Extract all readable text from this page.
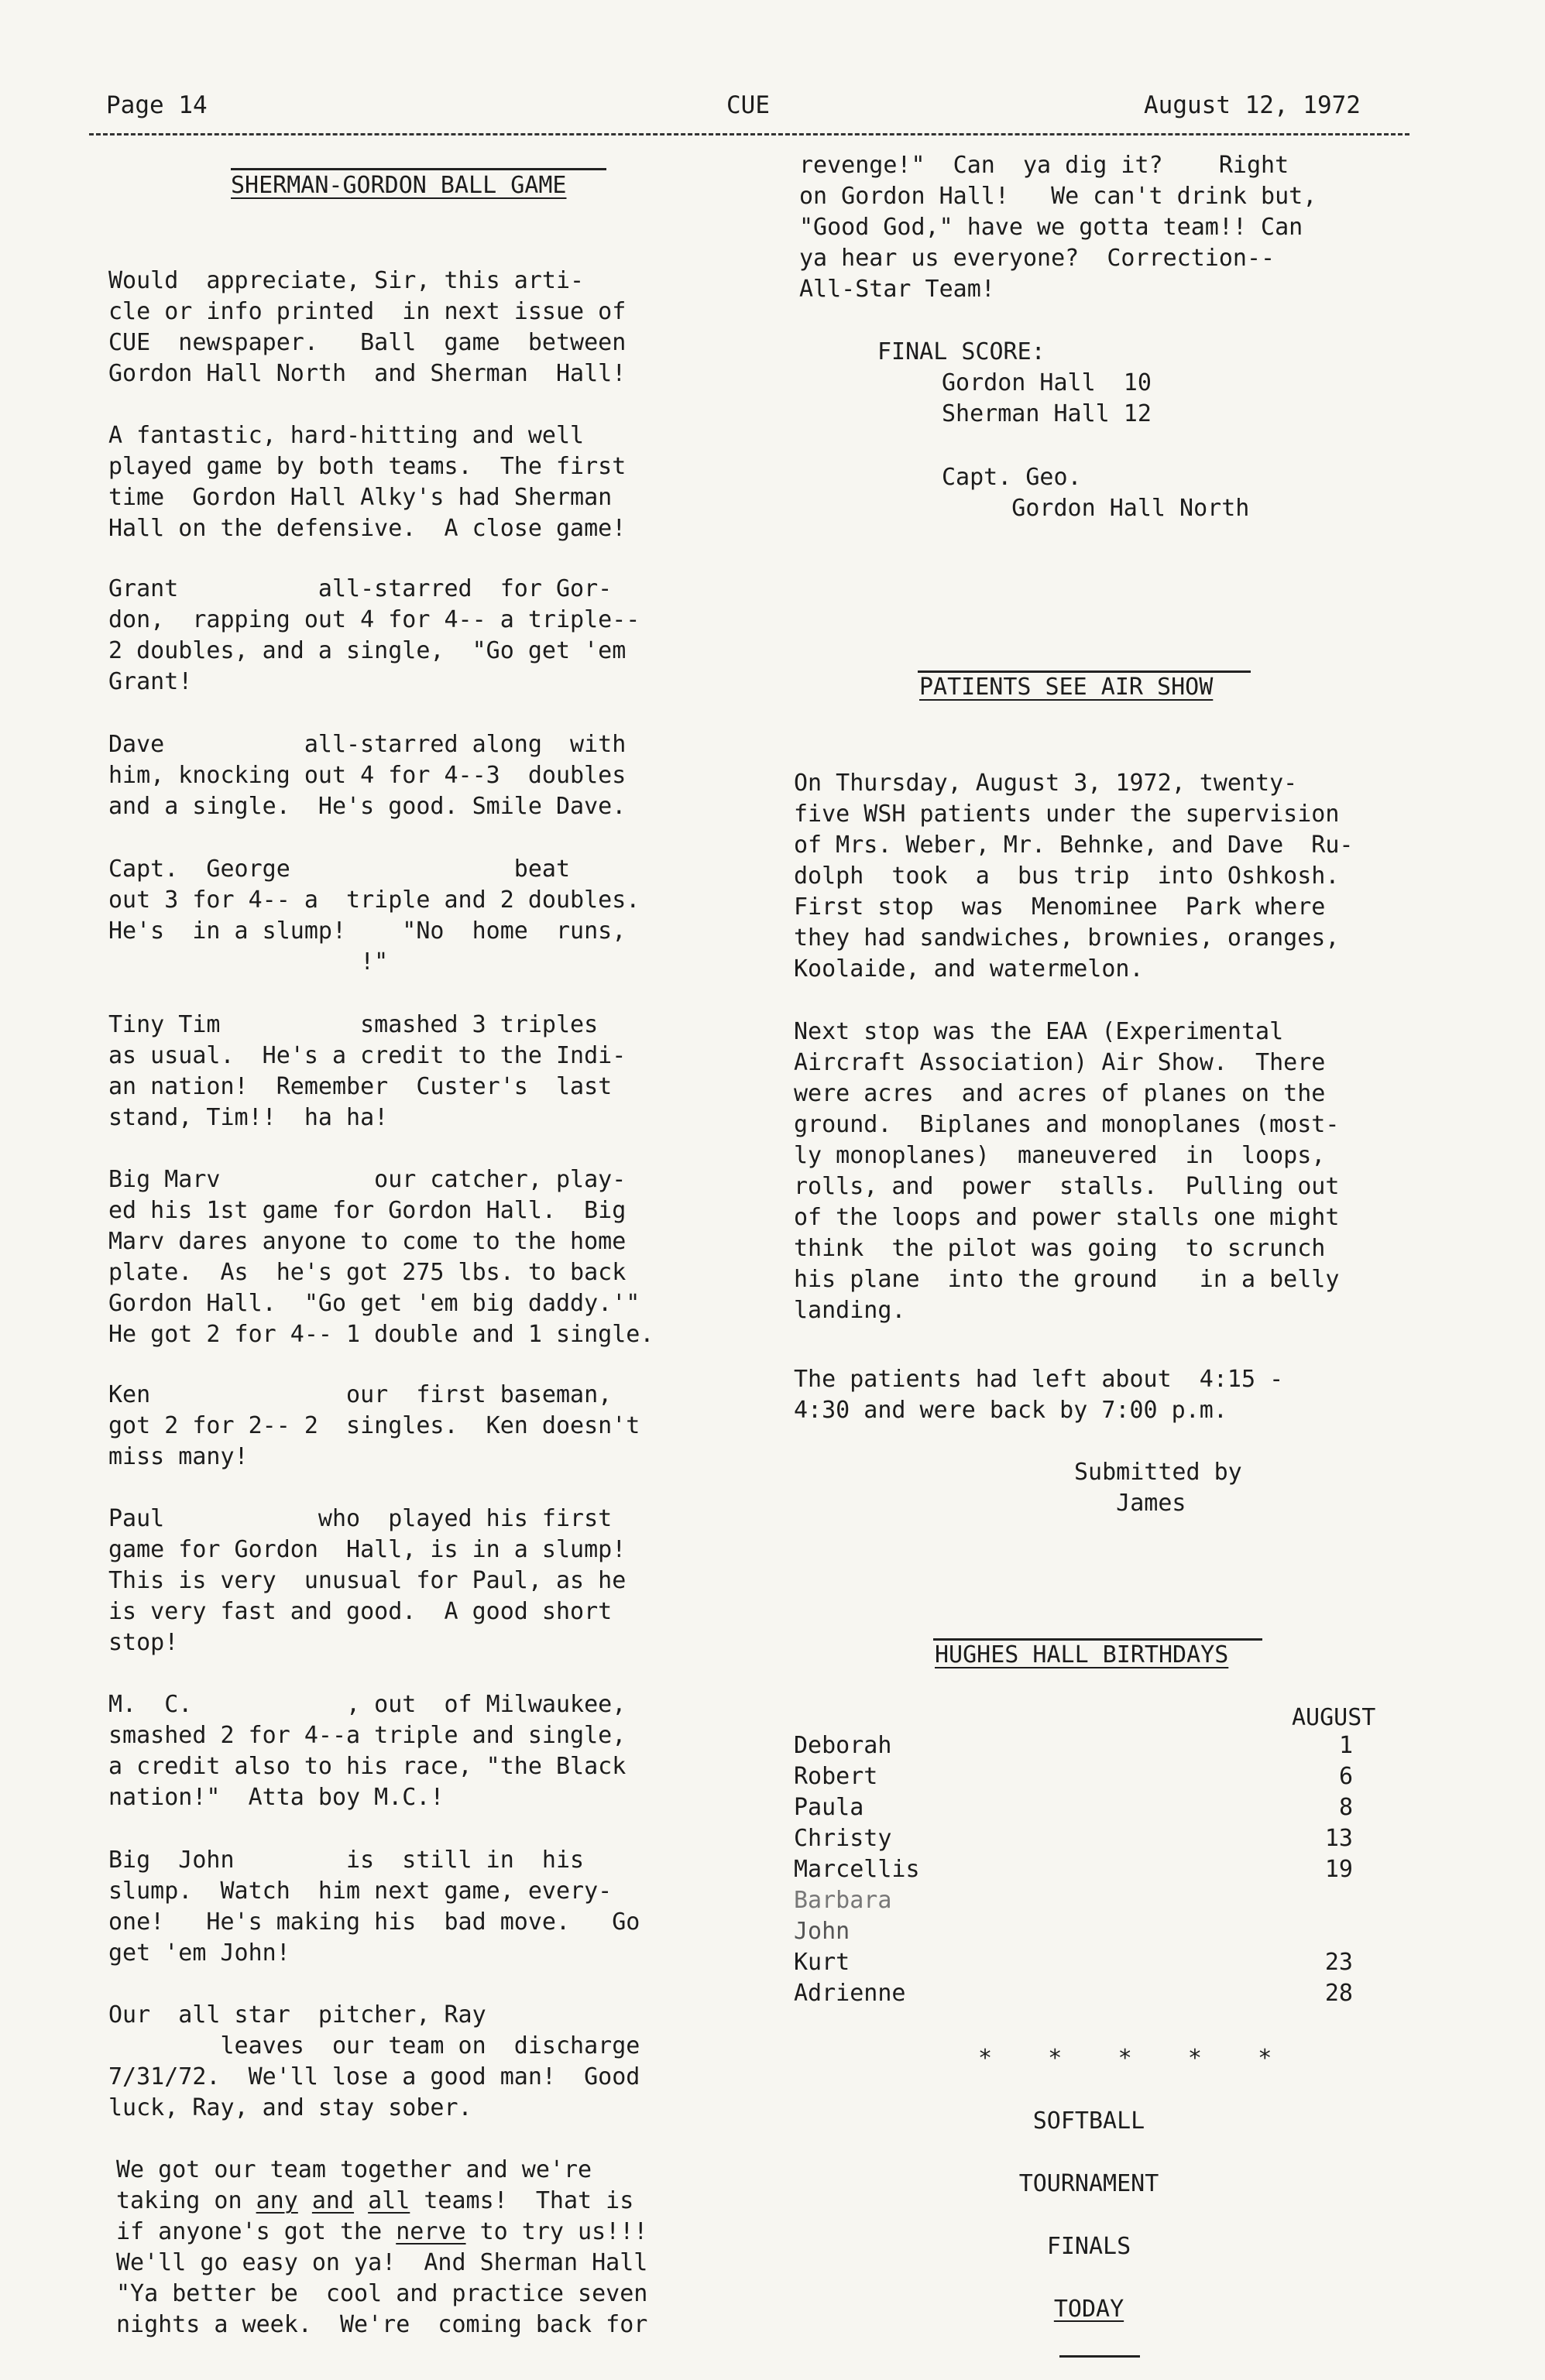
Page 14	CUE	August 12, 1972
SHERMAN-GORDON BALL GAME
Would  appreciate, Sir, this arti-
cle or info printed  in next issue of
CUE  newspaper.   Ball  game  between
Gordon Hall North  and Sherman  Hall!
A fantastic, hard-hitting and well
played game by both teams.  The first
time  Gordon Hall Alky's had Sherman
Hall on the defensive.  A close game!
Grant          all-starred  for Gor-
don,  rapping out 4 for 4-- a triple--
2 doubles, and a single,  "Go get 'em
Grant!
Dave          all-starred along  with
him, knocking out 4 for 4--3  doubles
and a single.  He's good. Smile Dave.
Capt.  George                beat
out 3 for 4-- a  triple and 2 doubles.
He's  in a slump!    "No  home  runs,
!"
Tiny Tim          smashed 3 triples
as usual.  He's a credit to the Indi-
an nation!  Remember  Custer's  last
stand, Tim!!  ha ha!
Big Marv           our catcher, play-
ed his 1st game for Gordon Hall.  Big
Marv dares anyone to come to the home
plate.  As  he's got 275 lbs. to back
Gordon Hall.  "Go get 'em big daddy.'"
He got 2 for 4-- 1 double and 1 single.
Ken              our  first baseman,
got 2 for 2-- 2  singles.  Ken doesn't
miss many!
Paul           who  played his first
game for Gordon  Hall, is in a slump!
This is very  unusual for Paul, as he
is very fast and good.  A good short
stop!
M.  C.           , out  of Milwaukee,
smashed 2 for 4--a triple and single,
a credit also to his race, "the Black
nation!"  Atta boy M.C.!
Big  John        is  still in  his
slump.  Watch  him next game, every-
one!   He's making his  bad move.   Go
get 'em John!
Our  all star  pitcher, Ray
leaves  our team on  discharge
7/31/72.  We'll lose a good man!  Good
luck, Ray, and stay sober.
We got our team together and we're
taking on any and all teams!  That is
if anyone's got the nerve to try us!!!
We'll go easy on ya!  And Sherman Hall
"Ya better be  cool and practice seven
nights a week.  We're  coming back for
revenge!"  Can  ya dig it?    Right
on Gordon Hall!   We can't drink but,
"Good God," have we gotta team!! Can
ya hear us everyone?  Correction--
All-Star Team!
FINAL SCORE:
Gordon Hall  10
Sherman Hall 12
Capt. Geo.
Gordon Hall North
PATIENTS SEE AIR SHOW
On Thursday, August 3, 1972, twenty-
five WSH patients under the supervision
of Mrs. Weber, Mr. Behnke, and Dave  Ru-
dolph  took  a  bus trip  into Oshkosh.
First stop  was  Menominee  Park where
they had sandwiches, brownies, oranges,
Koolaide, and watermelon.
Next stop was the EAA (Experimental
Aircraft Association) Air Show.  There
were acres  and acres of planes on the
ground.  Biplanes and monoplanes (most-
ly monoplanes)  maneuvered  in  loops,
rolls, and  power  stalls.  Pulling out
of the loops and power stalls one might
think  the pilot was going  to scrunch
his plane  into the ground   in a belly
landing.
The patients had left about  4:15 -
4:30 and were back by 7:00 p.m.
Submitted by
James
HUGHES HALL BIRTHDAYS
AUGUST
Deborah	1
Robert	6
Paula	8
Christy	13
Marcellis	19
Barbara
John
Kurt	23
Adrienne	28
*    *    *    *    *
SOFTBALL
TOURNAMENT
FINALS
TODAY
